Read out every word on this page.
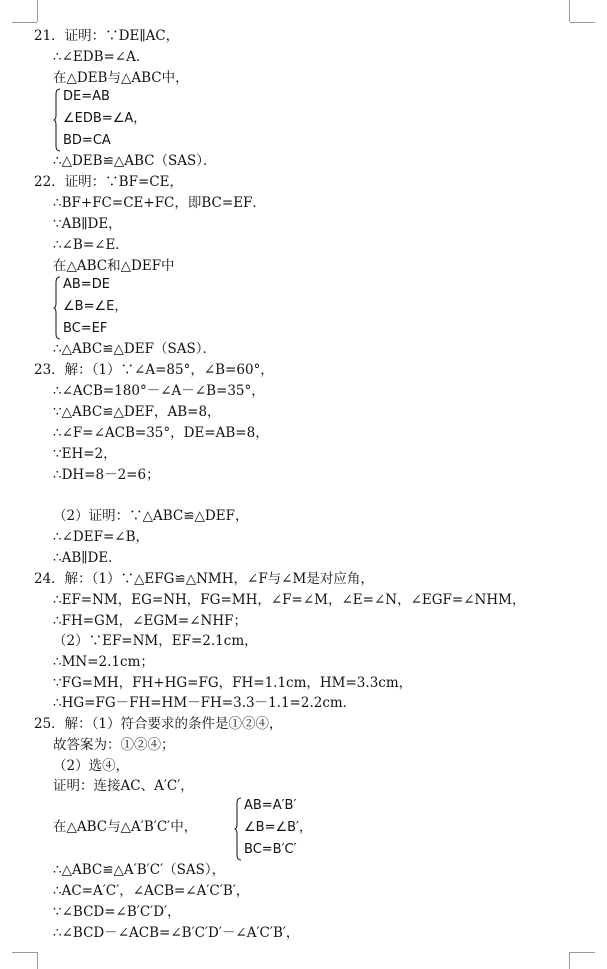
21．证明：∵DE∥AC，
∴∠EDB=∠A．
在△DEB与△ABC中，
DE=AB
∠EDB=∠A，
BD=CA
∴△DEB≌△ABC（SAS）．
22．证明：∵BF=CE，
∴BF+FC=CE+FC，即BC=EF．
∵AB∥DE，
∴∠B=∠E．
在△ABC和△DEF中
AB=DE
∠B=∠E，
BC=EF
∴△ABC≌△DEF（SAS）．
23．解：（1）∵∠A=85°，∠B=60°，
∴∠ACB=180°－∠A－∠B=35°，
∵△ABC≌△DEF，AB=8，
∴∠F=∠ACB=35°，DE=AB=8，
∵EH=2，
∴DH=8－2=6；
（2）证明：∵△ABC≌△DEF，
∴∠DEF=∠B，
∴AB∥DE．
24．解：（1）∵△EFG≌△NMH，∠F与∠M是对应角，
∴EF=NM，EG=NH，FG=MH，∠F=∠M，∠E=∠N，∠EGF=∠NHM，
∴FH=GM，∠EGM=∠NHF；
（2）∵EF=NM，EF=2.1cm，
∴MN=2.1cm；
∵FG=MH，FH+HG=FG，FH=1.1cm，HM=3.3cm，
∴HG=FG－FH=HM－FH=3.3－1.1=2.2cm．
25．解：（1）符合要求的条件是①②④，
故答案为：①②④；
（2）选④，
证明：连接AC、A′C′，
在△ABC与△A′B′C′中，
AB=A′B′
∠B=∠B′，
BC=B′C′
∴△ABC≌△A′B′C′（SAS），
∴AC=A′C′，∠ACB=∠A′C′B′，
∵∠BCD=∠B′C′D′，
∴∠BCD－∠ACB=∠B′C′D′－∠A′C′B′，
